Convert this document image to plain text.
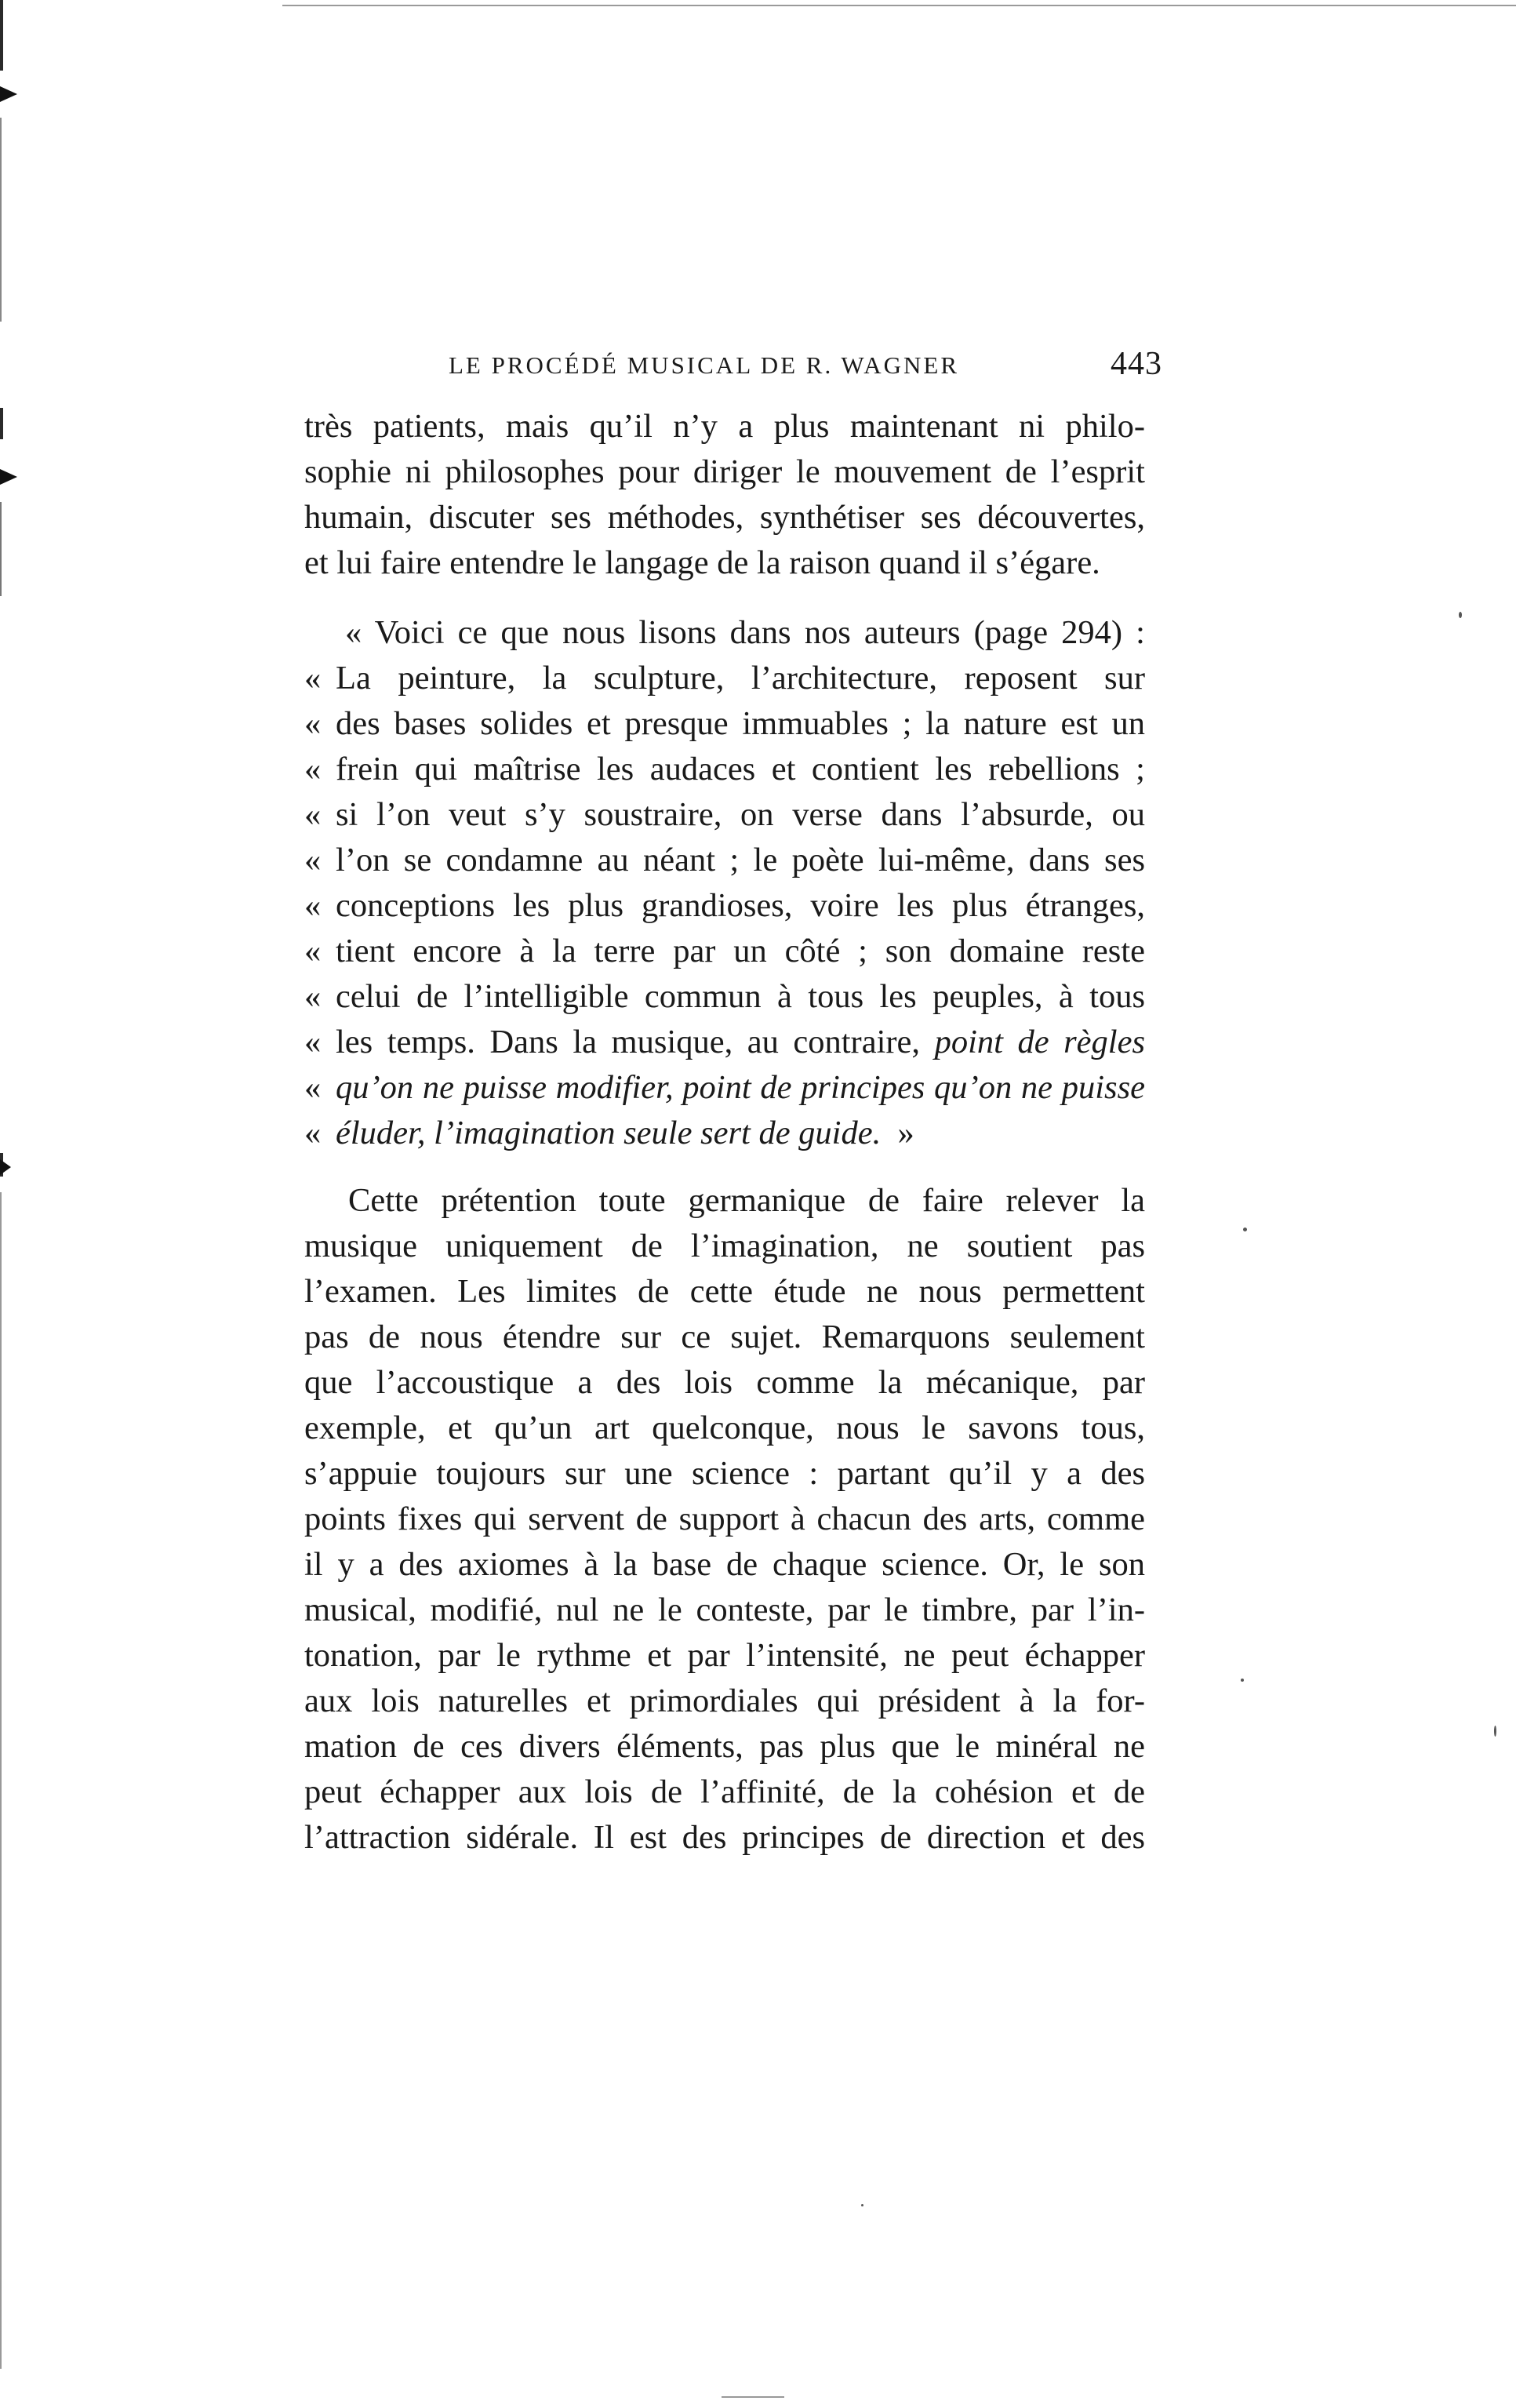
LE PROCÉDÉ MUSICAL DE R. WAGNER	443
très patients, mais qu’il n’y a plus maintenant ni philo-
sophie ni philosophes pour diriger le mouvement de l’esprit
humain, discuter ses méthodes, synthétiser ses découvertes,
et lui faire entendre le langage de la raison quand il s’égare.
« Voici ce que nous lisons dans nos auteurs (page 294) :
« La peinture, la sculpture, l’architecture, reposent sur
« des bases solides et presque immuables ; la nature est un
« frein qui maîtrise les audaces et contient les rebellions ;
« si l’on veut s’y soustraire, on verse dans l’absurde, ou
« l’on se condamne au néant ; le poète lui-même, dans ses
« conceptions les plus grandioses, voire les plus étranges,
« tient encore à la terre par un côté ; son domaine reste
« celui de l’intelligible commun à tous les peuples, à tous
« les temps. Dans la musique, au contraire, point de règles
« qu’on ne puisse modifier, point de principes qu’on ne puisse
« éluder, l’imagination seule sert de guide. »
Cette prétention toute germanique de faire relever la
musique uniquement de l’imagination, ne soutient pas
l’examen. Les limites de cette étude ne nous permettent
pas de nous étendre sur ce sujet. Remarquons seulement
que l’accoustique a des lois comme la mécanique, par
exemple, et qu’un art quelconque, nous le savons tous,
s’appuie toujours sur une science : partant qu’il y a des
points fixes qui servent de support à chacun des arts, comme
il y a des axiomes à la base de chaque science. Or, le son
musical, modifié, nul ne le conteste, par le timbre, par l’in-
tonation, par le rythme et par l’intensité, ne peut échapper
aux lois naturelles et primordiales qui président à la for-
mation de ces divers éléments, pas plus que le minéral ne
peut échapper aux lois de l’affinité, de la cohésion et de
l’attraction sidérale. Il est des principes de direction et des
